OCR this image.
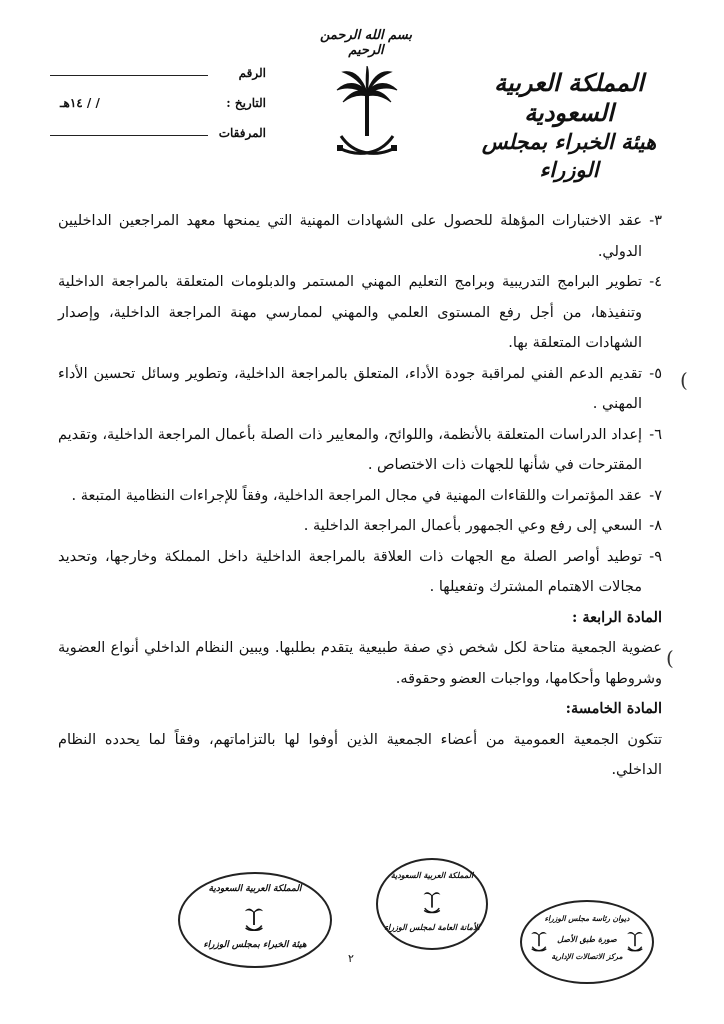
بسم الله الرحمن الرحيم
المملكة العربية السعودية
هيئة الخبراء بمجلس الوزراء
الرقم
التاريخ :
/ / ١٤هـ
المرفقات
٣-
عقد الاختبارات المؤهلة للحصول على الشهادات المهنية التي يمنحها معهد المراجعين الداخليين الدولي.
٤-
تطوير البرامج التدريبية وبرامج التعليم المهني المستمر والدبلومات المتعلقة بالمراجعة الداخلية وتنفيذها، من أجل رفع المستوى العلمي والمهني لممارسي مهنة المراجعة الداخلية، وإصدار الشهادات المتعلقة بها.
٥-
تقديم الدعم الفني لمراقبة جودة الأداء، المتعلق بالمراجعة الداخلية، وتطوير وسائل تحسين الأداء المهني .
٦-
إعداد الدراسات المتعلقة بالأنظمة، واللوائح، والمعايير ذات الصلة بأعمال المراجعة الداخلية، وتقديم المقترحات في شأنها للجهات ذات الاختصاص .
٧-
عقد المؤتمرات واللقاءات المهنية في مجال المراجعة الداخلية، وفقاً للإجراءات النظامية المتبعة .
٨-
السعي إلى رفع وعي الجمهور بأعمال المراجعة الداخلية .
٩-
توطيد أواصر الصلة مع الجهات ذات العلاقة بالمراجعة الداخلية داخل المملكة وخارجها، وتحديد مجالات الاهتمام المشترك وتفعيلها .
المادة الرابعة :
عضوية الجمعية متاحة لكل شخص ذي صفة طبيعية يتقدم بطلبها. ويبين النظام الداخلي أنواع العضوية وشروطها وأحكامها، وواجبات العضو وحقوقه.
المادة الخامسة:
تتكون الجمعية العمومية من أعضاء الجمعية الذين أوفوا لها بالتزاماتهم، وفقاً لما يحدده النظام الداخلي.
(
(
المملكة العربية السعودية
هيئة الخبراء بمجلس الوزراء
المملكة العربية السعودية
الأمانة العامة لمجلس الوزراء
ديوان رئاسة مجلس الوزراء
صورة طبق الأصل
مركز الاتصالات الإدارية
٢
